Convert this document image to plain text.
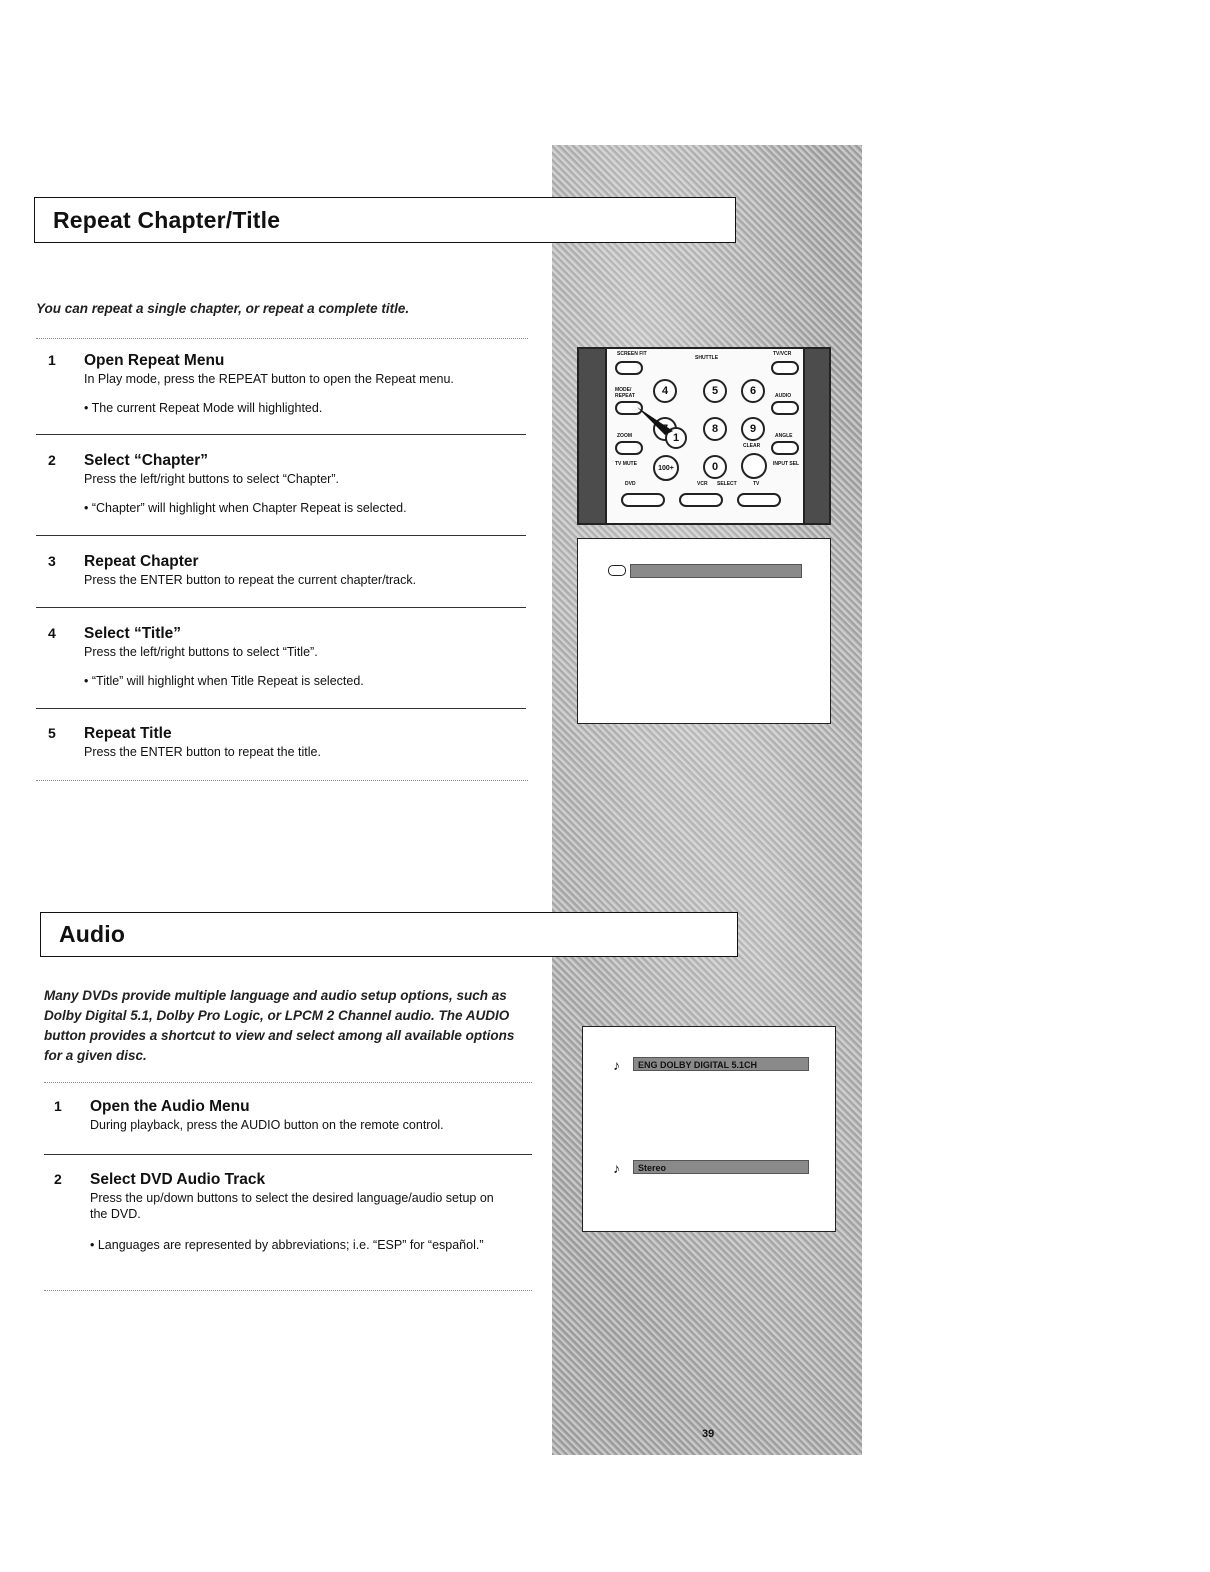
Repeat Chapter/Title
You can repeat a single chapter, or repeat a complete title.
1 Open Repeat Menu
In Play mode, press the REPEAT button to open the Repeat menu.
• The current Repeat Mode will highlighted.
2 Select “Chapter”
Press the left/right buttons to select “Chapter”.
• “Chapter” will highlight when Chapter Repeat is selected.
3 Repeat Chapter
Press the ENTER button to repeat the current chapter/track.
4 Select “Title”
Press the left/right buttons to select “Title”.
• “Title” will highlight when Title Repeat is selected.
5 Repeat Title
Press the ENTER button to repeat the title.
SCREEN FIT
SHUTTLE
TV/VCR
MODE/ REPEAT	4	5	6	AUDIO
8	9
ZOOM	ANGLE
CLEAR
1
TV MUTE
100+	0	INPUT SEL
DVD	VCR SELECT	TV
Audio
Many DVDs provide multiple language and audio setup options, such as Dolby Digital 5.1, Dolby Pro Logic, or LPCM 2 Channel audio. The AUDIO button provides a shortcut to view and select among all available options for a given disc.
1 Open the Audio Menu
During playback, press the AUDIO button on the remote control.
2 Select DVD Audio Track
Press the up/down buttons to select the desired language/audio setup on the DVD.
• Languages are represented by abbreviations; i.e. “ESP” for “español.”
♪	ENG DOLBY DIGITAL 5.1CH
♪	Stereo
39
